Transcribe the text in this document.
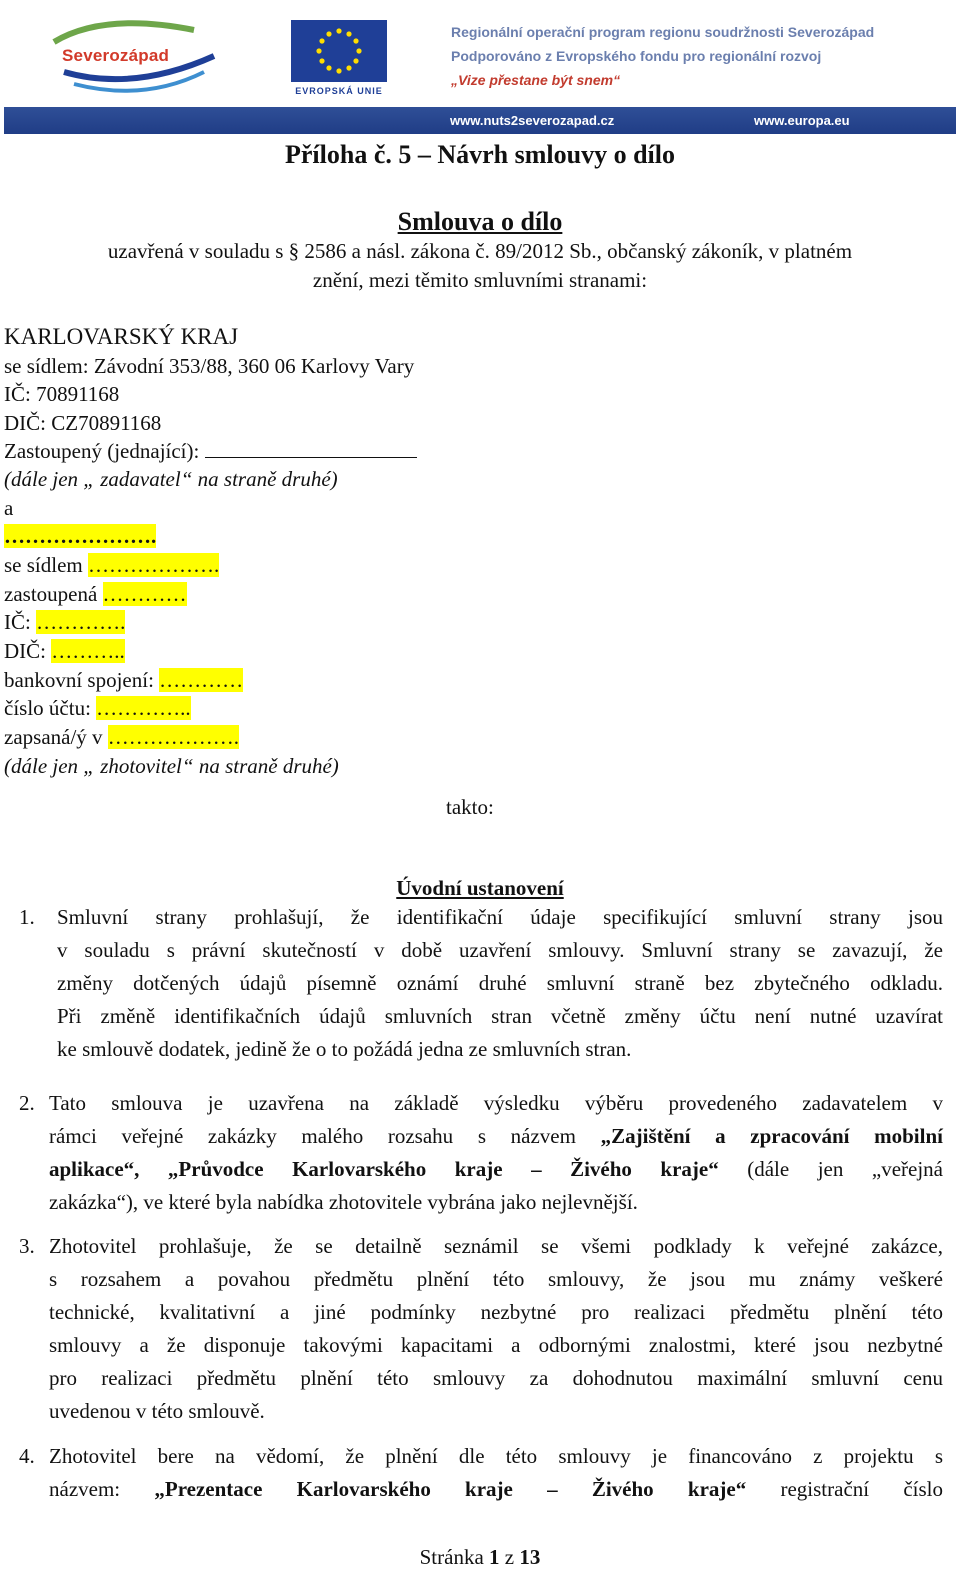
Severozápad
EVROPSKÁ UNIE
Regionální operační program regionu soudržnosti Severozápad
Podporováno z Evropského fondu pro regionální rozvoj
„Vize přestane být snem“
www.nuts2severozapad.cz	www.europa.eu
Příloha č. 5 – Návrh smlouvy o dílo
Smlouva o dílo
uzavřená v souladu s § 2586 a násl. zákona č. 89/2012 Sb., občanský zákoník, v platném
znění, mezi těmito smluvními stranami:
KARLOVARSKÝ KRAJ
se sídlem: Závodní 353/88, 360 06 Karlovy Vary
IČ: 70891168
DIČ: CZ70891168
Zastoupený (jednající):
(dále jen „ zadavatel“ na straně druhé)
a
………………….
se sídlem ……………….
zastoupená …………
IČ: ………….
DIČ: ………..
bankovní spojení: …………
číslo účtu: …………..
zapsaná/ý v ……………….
(dále jen „ zhotovitel“ na straně druhé)
takto:
Úvodní ustanovení
1. Smluvní strany prohlašují, že identifikační údaje specifikující smluvní strany jsou
v souladu s právní skutečností v době uzavření smlouvy. Smluvní strany se zavazují, že
změny dotčených údajů písemně oznámí druhé smluvní straně bez zbytečného odkladu.
Při změně identifikačních údajů smluvních stran včetně změny účtu není nutné uzavírat
ke smlouvě dodatek, jedině že o to požádá jedna ze smluvních stran.
2. Tato smlouva je uzavřena na základě výsledku výběru provedeného zadavatelem v
rámci veřejné zakázky malého rozsahu s názvem „Zajištění a zpracování mobilní
aplikace“, „Průvodce Karlovarského kraje – Živého kraje“ (dále jen „veřejná
zakázka“), ve které byla nabídka zhotovitele vybrána jako nejlevnější.
3. Zhotovitel prohlašuje, že se detailně seznámil se všemi podklady k veřejné zakázce,
s rozsahem a povahou předmětu plnění této smlouvy, že jsou mu známy veškeré
technické, kvalitativní a jiné podmínky nezbytné pro realizaci předmětu plnění této
smlouvy a že disponuje takovými kapacitami a odbornými znalostmi, které jsou nezbytné
pro realizaci předmětu plnění této smlouvy za dohodnutou maximální smluvní cenu
uvedenou v této smlouvě.
4. Zhotovitel bere na vědomí, že plnění dle této smlouvy je financováno z projektu s
názvem: „Prezentace Karlovarského kraje – Živého kraje“ registrační číslo
Stránka 1 z 13
